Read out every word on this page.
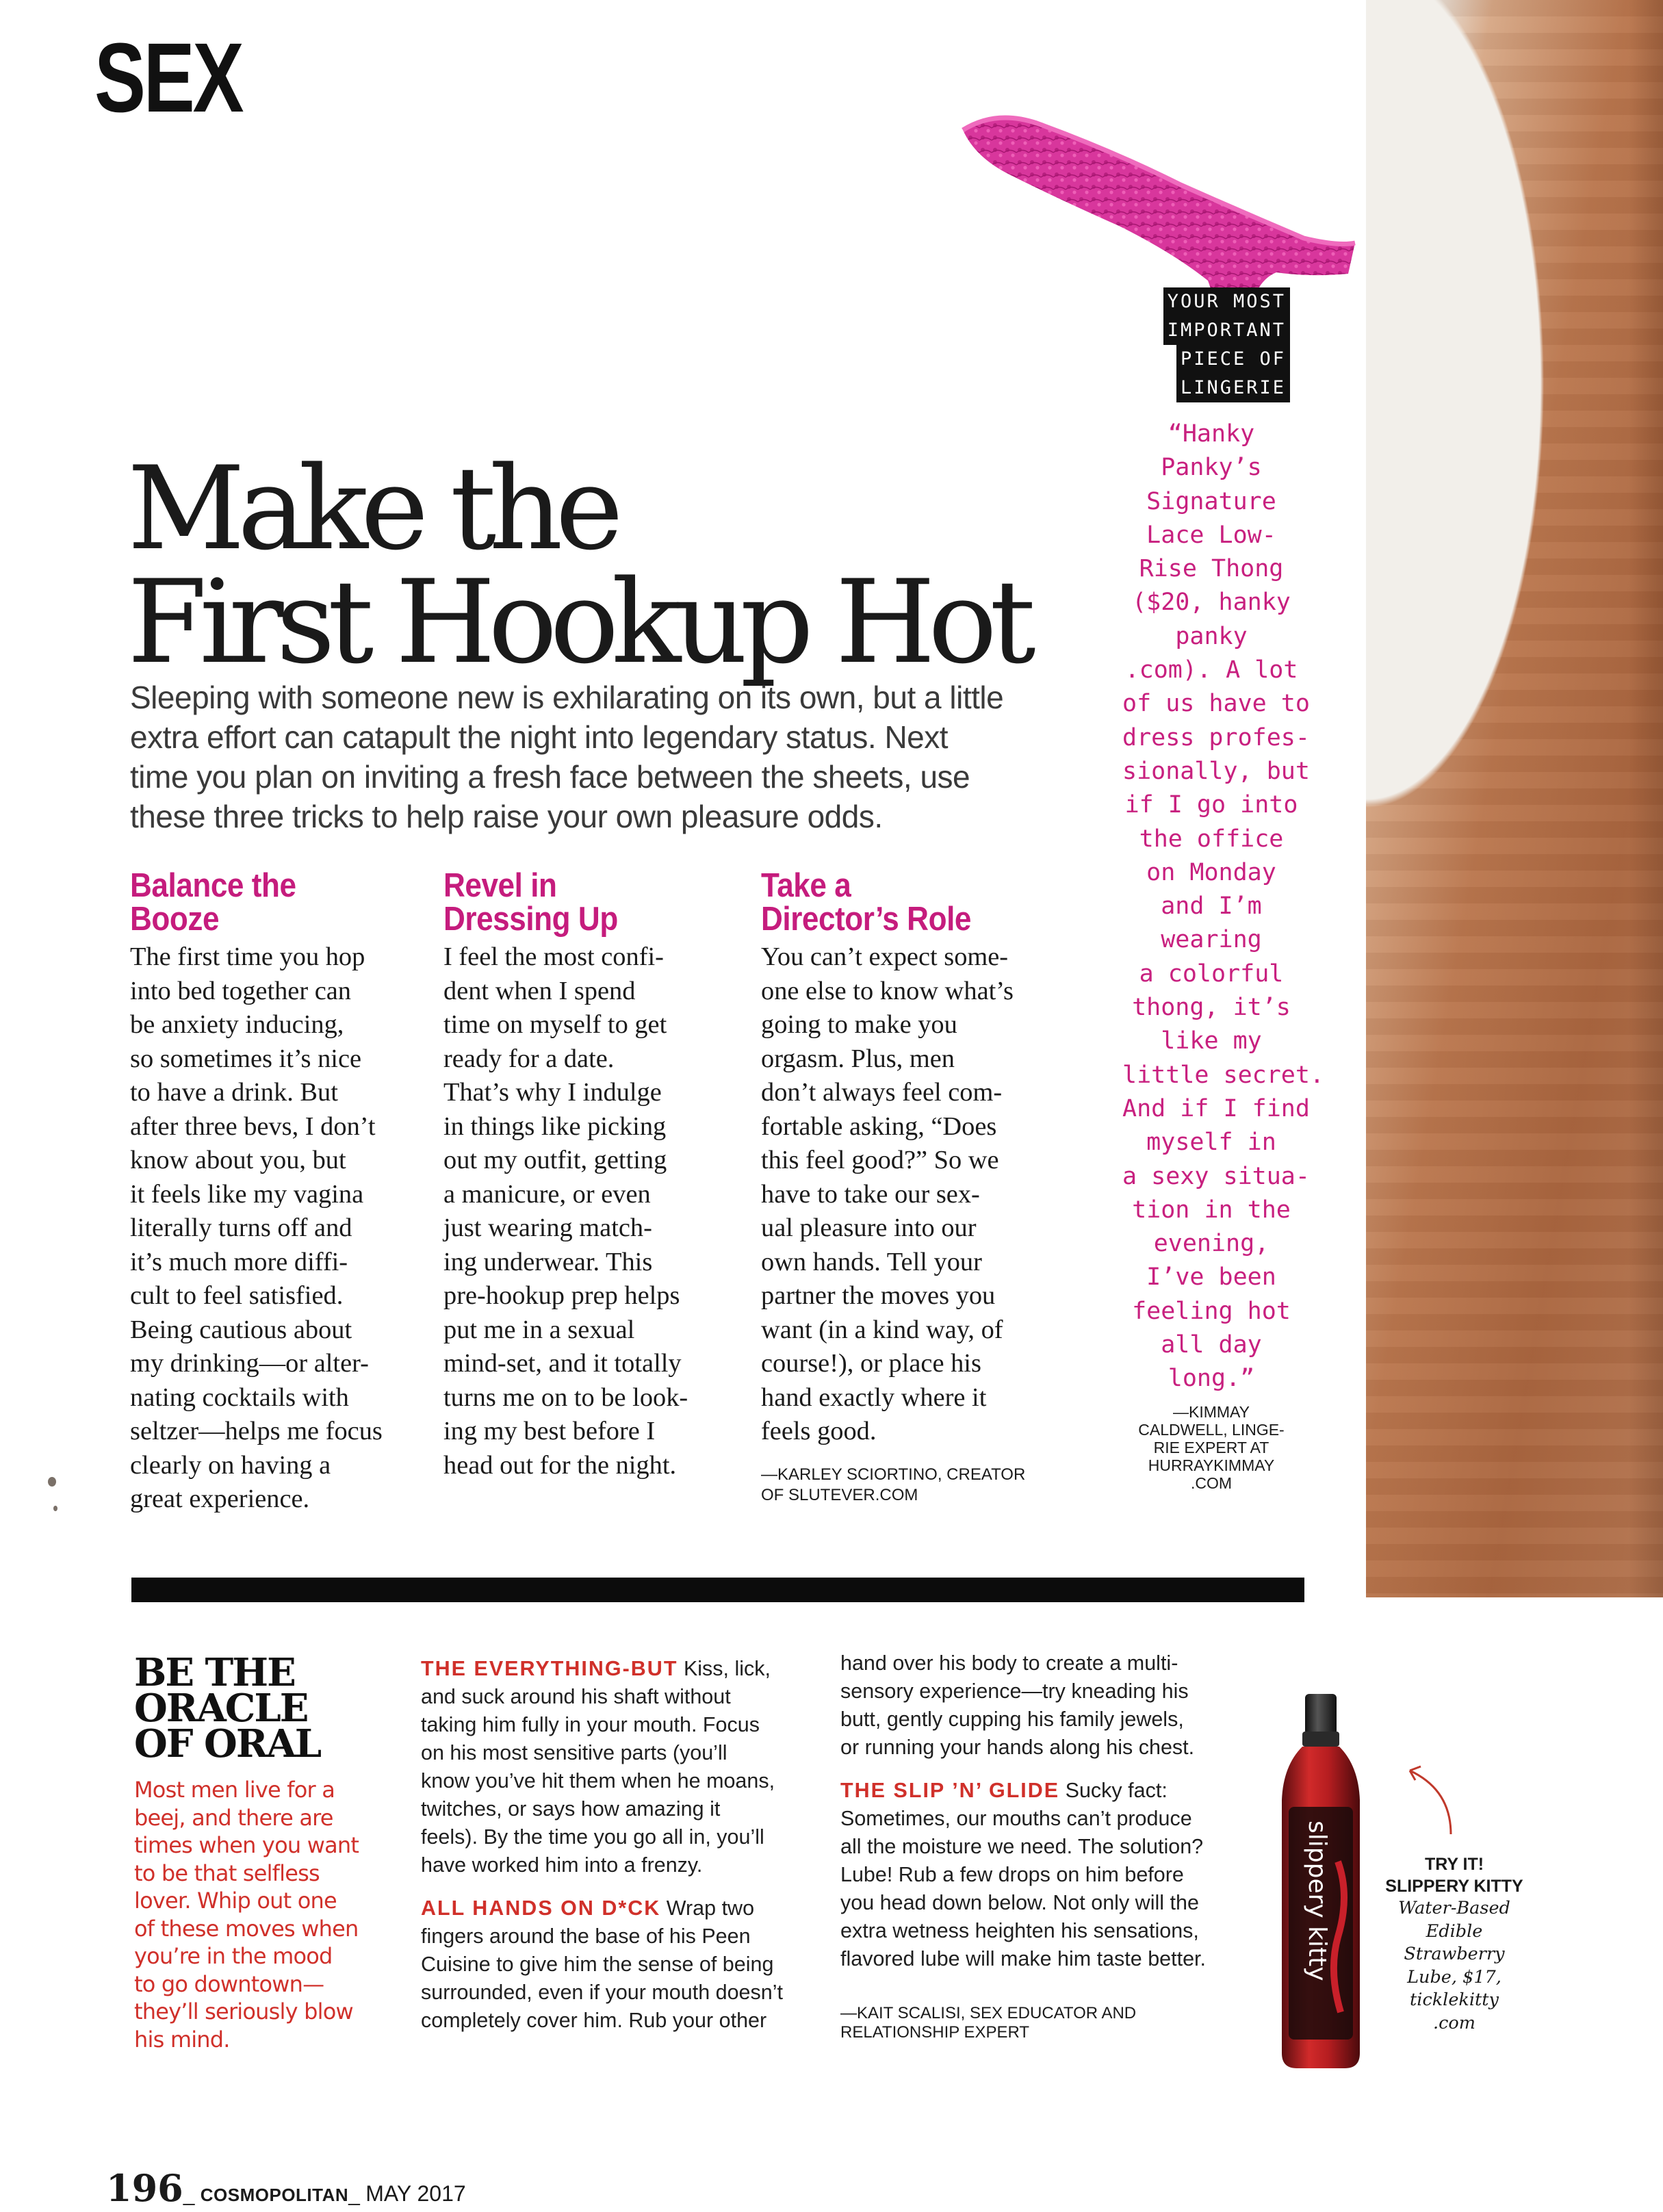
SEX
YOUR MOST
IMPORTANT
PIECE OF
LINGERIE
“Hanky
Panky’s
Signature
Lace Low-
Rise Thong
($20, hanky
panky
.com). A lot
of us have to
dress profes-
sionally, but
if I go into
the office
on Monday
and I’m
wearing
a colorful
thong, it’s
like my
little secret.
And if I find
myself in
a sexy situa-
tion in the
evening,
I’ve been
feeling hot
all day
long.”
—KIMMAY
CALDWELL, LINGE-
RIE EXPERT AT
HURRAYKIMMAY
.COM
Make the
First Hookup Hot
Sleeping with someone new is exhilarating on its own, but a little
extra effort can catapult the night into legendary status. Next
time you plan on inviting a fresh face between the sheets, use
these three tricks to help raise your own pleasure odds.
Balance the
Booze
The first time you hop
into bed together can
be anxiety inducing,
so sometimes it’s nice
to have a drink. But
after three bevs, I don’t
know about you, but
it feels like my vagina
literally turns off and
it’s much more diffi-
cult to feel satisfied.
Being cautious about
my drinking—or alter-
nating cocktails with
seltzer—helps me focus
clearly on having a
great experience.
Revel in
Dressing Up
I feel the most confi-
dent when I spend
time on myself to get
ready for a date.
That’s why I indulge
in things like picking
out my outfit, getting
a manicure, or even
just wearing match-
ing underwear. This
pre-hookup prep helps
put me in a sexual
mind-set, and it totally
turns me on to be look-
ing my best before I
head out for the night.
Take a
Director’s Role
You can’t expect some-
one else to know what’s
going to make you
orgasm. Plus, men
don’t always feel com-
fortable asking, “Does
this feel good?” So we
have to take our sex-
ual pleasure into our
own hands. Tell your
partner the moves you
want (in a kind way, of
course!), or place his
hand exactly where it
feels good.
—KARLEY SCIORTINO, CREATOR
OF SLUTEVER.COM
BE THE
ORACLE
OF ORAL
Most men live for a
beej, and there are
times when you want
to be that selfless
lover. Whip out one
of these moves when
you’re in the mood
to go downtown—
they’ll seriously blow
his mind.
THE EVERYTHING-BUT Kiss, lick,
and suck around his shaft without
taking him fully in your mouth. Focus
on his most sensitive parts (you’ll
know you’ve hit them when he moans,
twitches, or says how amazing it
feels). By the time you go all in, you’ll
have worked him into a frenzy.
ALL HANDS ON D*CK Wrap two
fingers around the base of his Peen
Cuisine to give him the sense of being
surrounded, even if your mouth doesn’t
completely cover him. Rub your other
hand over his body to create a multi-
sensory experience—try kneading his
butt, gently cupping his family jewels,
or running your hands along his chest.
THE SLIP ’N’ GLIDE Sucky fact:
Sometimes, our mouths can’t produce
all the moisture we need. The solution?
Lube! Rub a few drops on him before
you head down below. Not only will the
extra wetness heighten his sensations,
flavored lube will make him taste better.
—KAIT SCALISI, SEX EDUCATOR AND
RELATIONSHIP EXPERT
slippery kitty	TRY IT!
SLIPPERY KITTY
Water-Based
Edible
Strawberry
Lube, $17,
ticklekitty
.com
196_ COSMOPOLITAN_ MAY 2017
